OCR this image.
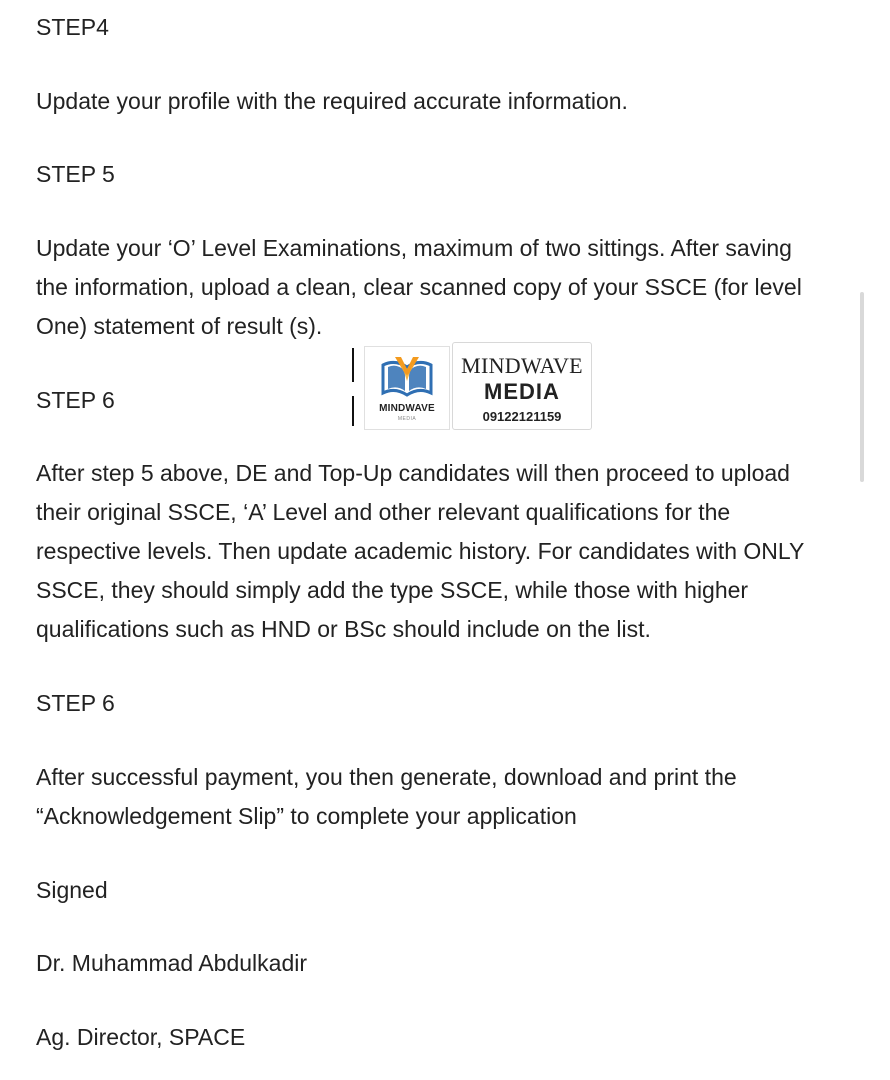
STEP4
Update your profile with the required accurate information.
STEP 5
Update your ‘O’ Level Examinations, maximum of two sittings. After saving
the information, upload a clean, clear scanned copy of your SSCE (for level
One) statement of result (s).
MINDWAVE
MEDIA
MINDWAVE
MEDIA
09122121159
STEP 6
After step 5 above, DE and Top-Up candidates will then proceed to upload
their original SSCE, ‘A’ Level and other relevant qualifications for the
respective levels. Then update academic history. For candidates with ONLY
SSCE, they should simply add the type SSCE, while those with higher
qualifications such as HND or BSc should include on the list.
STEP 6
After successful payment, you then generate, download and print the
“Acknowledgement Slip” to complete your application
Signed
Dr. Muhammad Abdulkadir
Ag. Director, SPACE
